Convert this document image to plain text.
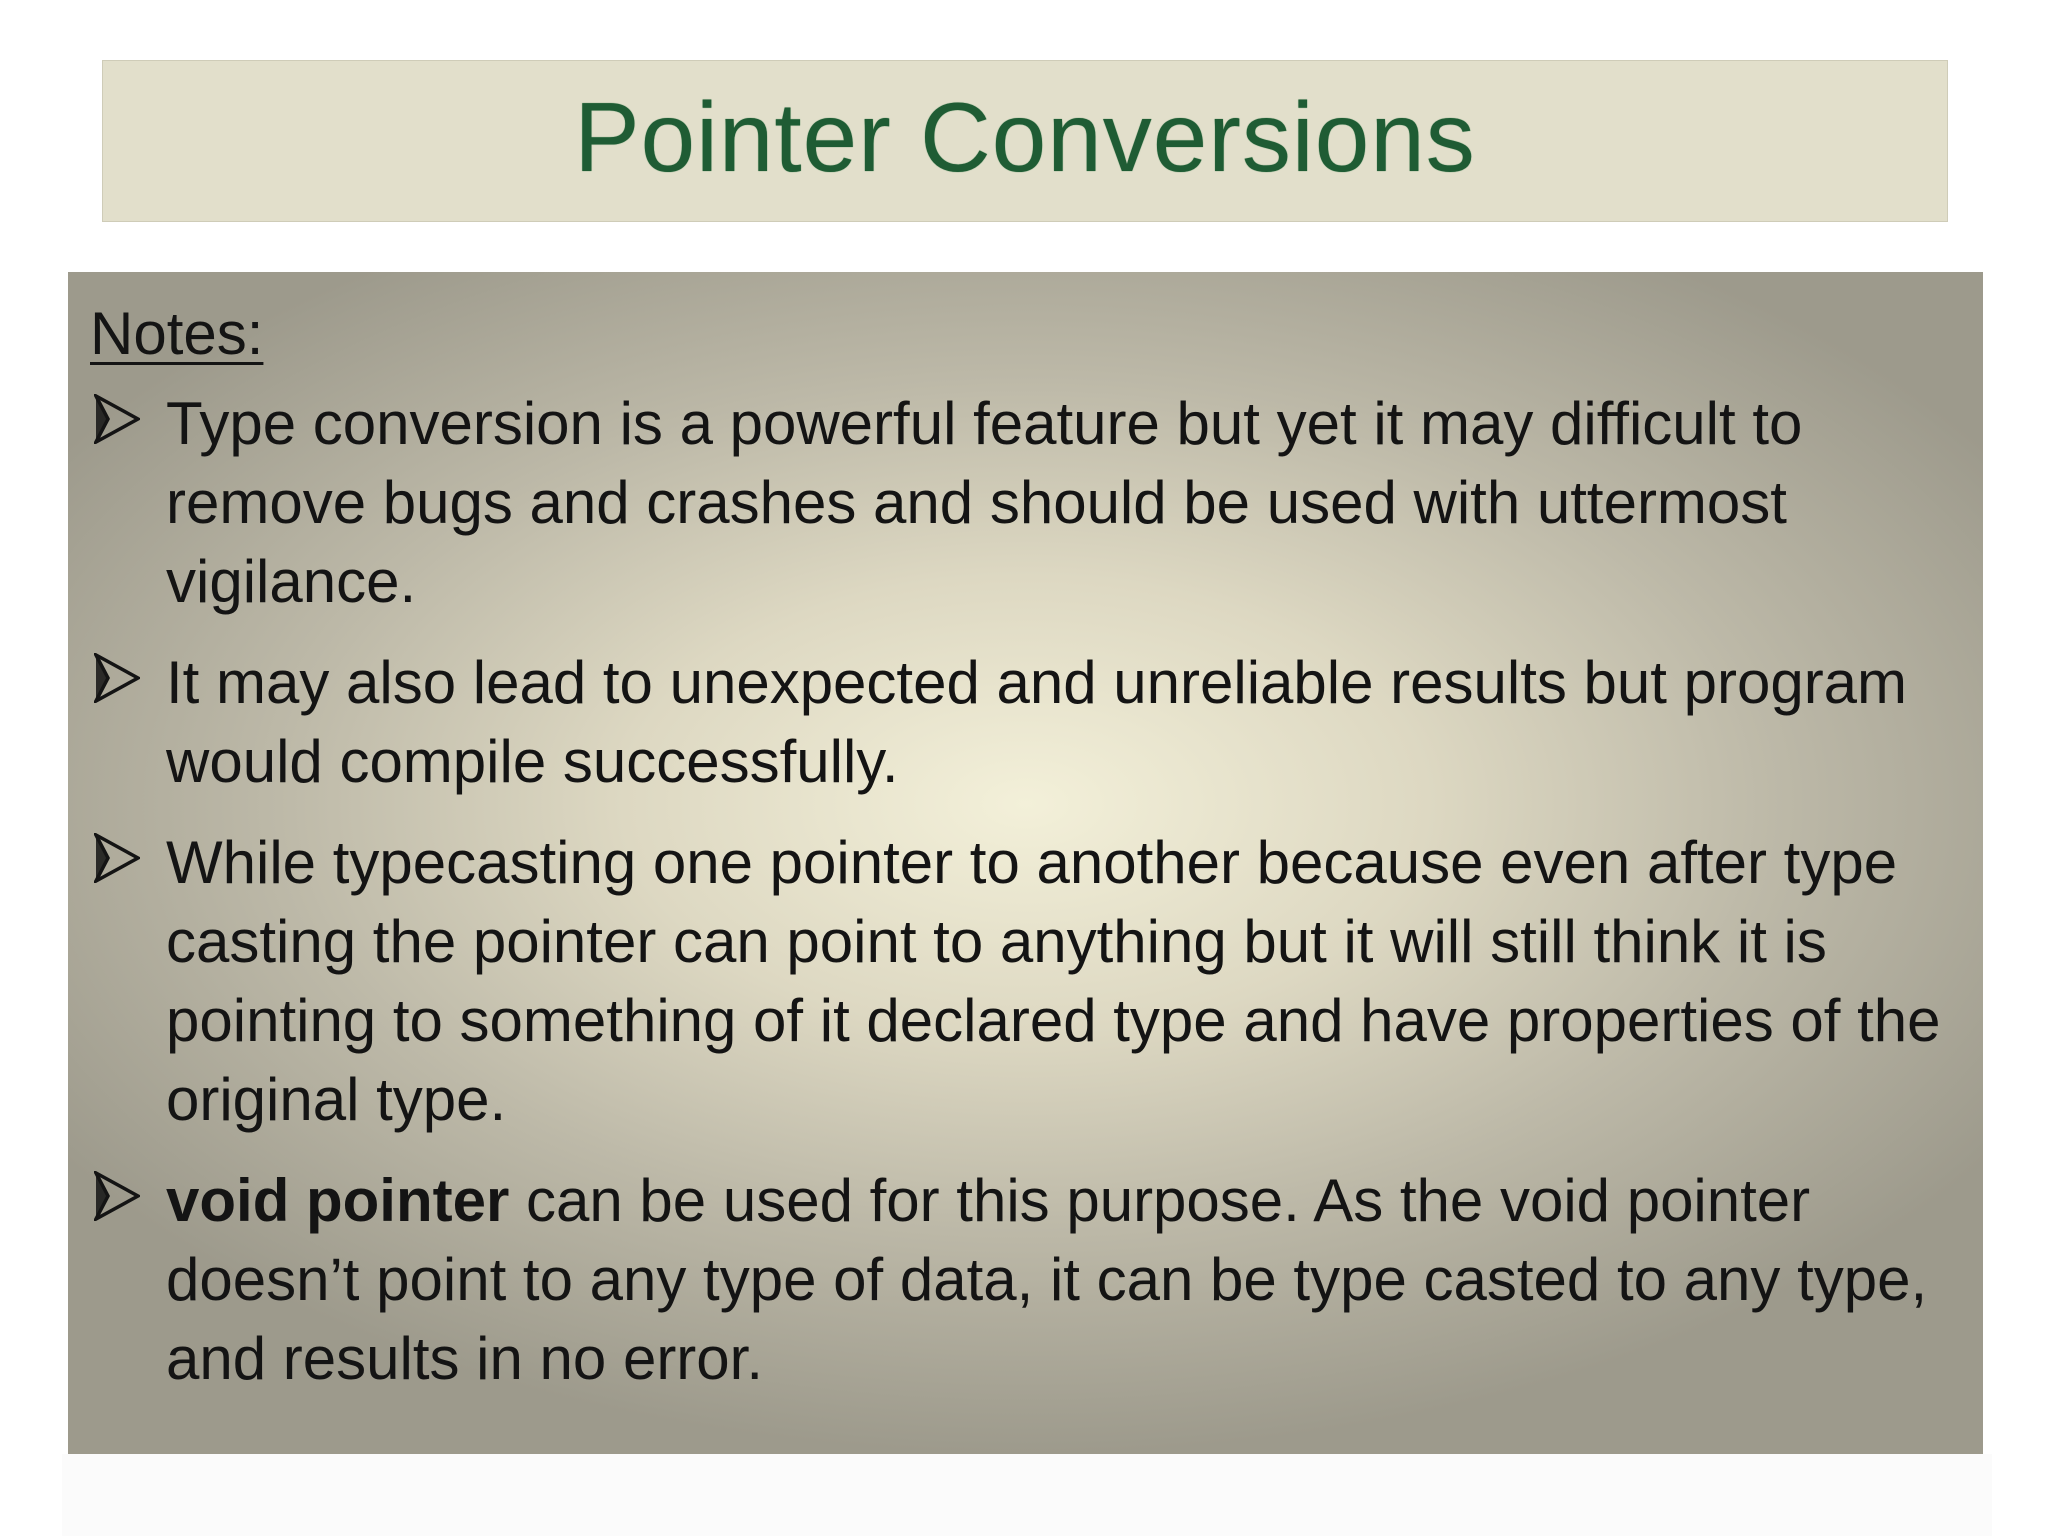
Pointer Conversions
Notes:
Type conversion is a powerful feature but yet it may difficult to remove bugs and crashes and should be used with uttermost vigilance.
It may also lead to unexpected and unreliable results but program would compile successfully.
While typecasting one pointer to another because even after type casting the pointer can point to anything but it will still think it is pointing to something of it declared type and have properties of the original type.
void pointer can be used for this purpose. As the void pointer doesn’t point to any type of data, it can be type casted to any type, and results in no error.
